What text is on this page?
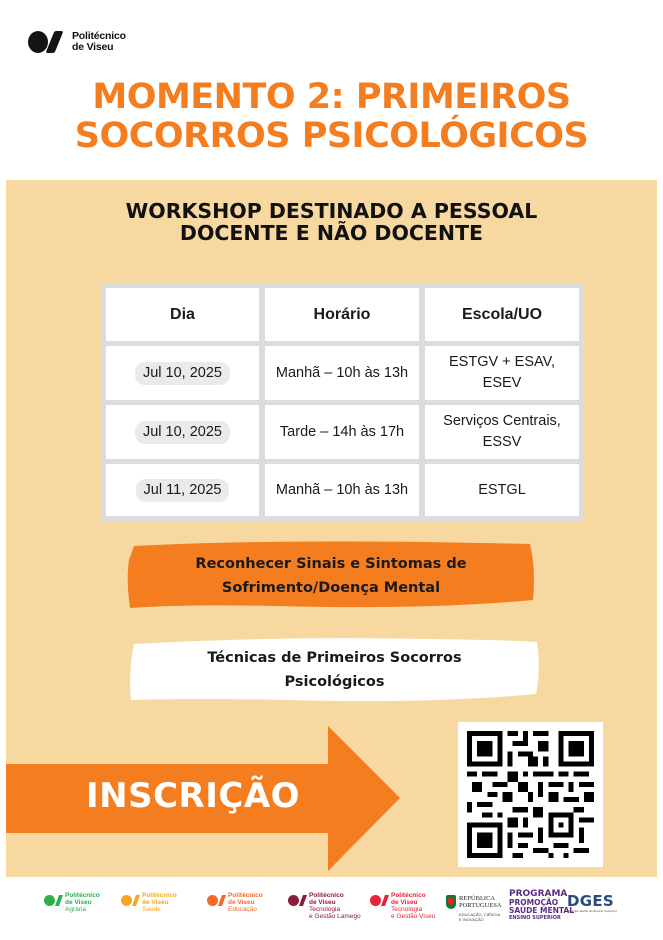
Politécnico
de Viseu
MOMENTO 2: PRIMEIROS
SOCORROS PSICOLÓGICOS
WORKSHOP DESTINADO A PESSOAL
DOCENTE E NÃO DOCENTE
Dia	Horário	Escola/UO
Jul 10, 2025	Manhã – 10h às 13h
ESTGV + ESAV,
ESEV
Jul 10, 2025	Tarde – 14h às 17h
Serviços Centrais,
ESSV
Jul 11, 2025	Manhã – 10h às 13h	ESTGL
Reconhecer Sinais e Sintomas de
Sofrimento/Doença Mental
Técnicas de Primeiros Socorros
Psicológicos
INSCRIÇÃO
Politécnico
de Viseu
Agrária
Politécnico
de Viseu
Saúde
Politécnico
de Viseu
Educação
Politécnico
de Viseu
Tecnologia
e Gestão Lamego
Politécnico
de Viseu
Tecnologia
e Gestão Viseu
REPÚBLICA
PORTUGUESA
EDUCAÇÃO, CIÊNCIA
E INOVAÇÃO
PROGRAMA
PROMOÇÃO
SAÚDE MENTAL
ENSINO SUPERIOR
DGES
Direção-Geral do Ensino Superior
